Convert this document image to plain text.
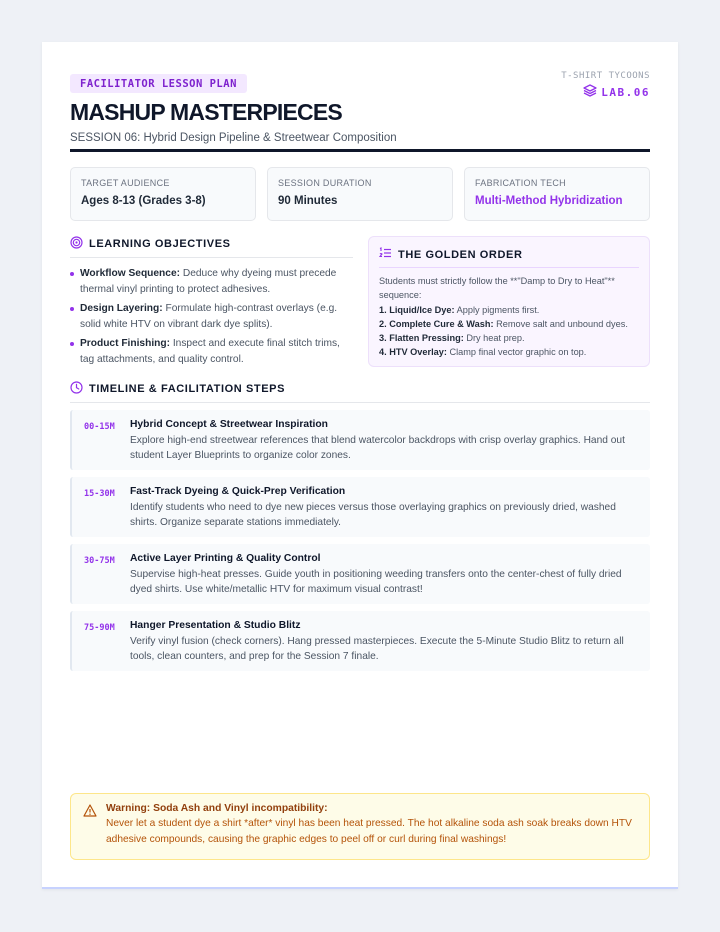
FACILITATOR LESSON PLAN
T-SHIRT TYCOONS
LAB.06
MASHUP MASTERPIECES
SESSION 06: Hybrid Design Pipeline & Streetwear Composition
TARGET AUDIENCE
Ages 8-13 (Grades 3-8)
SESSION DURATION
90 Minutes
FABRICATION TECH
Multi-Method Hybridization
LEARNING OBJECTIVES
Workflow Sequence: Deduce why dyeing must precede thermal vinyl printing to protect adhesives.
Design Layering: Formulate high-contrast overlays (e.g. solid white HTV on vibrant dark dye splits).
Product Finishing: Inspect and execute final stitch trims, tag attachments, and quality control.
THE GOLDEN ORDER
Students must strictly follow the **"Damp to Dry to Heat"** sequence:
1. Liquid/Ice Dye: Apply pigments first.
2. Complete Cure & Wash: Remove salt and unbound dyes.
3. Flatten Pressing: Dry heat prep.
4. HTV Overlay: Clamp final vector graphic on top.
TIMELINE & FACILITATION STEPS
00-15M	Hybrid Concept & Streetwear Inspiration
Explore high-end streetwear references that blend watercolor backdrops with crisp overlay graphics. Hand out student Layer Blueprints to organize color zones.
15-30M	Fast-Track Dyeing & Quick-Prep Verification
Identify students who need to dye new pieces versus those overlaying graphics on previously dried, washed shirts. Organize separate stations immediately.
30-75M	Active Layer Printing & Quality Control
Supervise high-heat presses. Guide youth in positioning weeding transfers onto the center-chest of fully dried dyed shirts. Use white/metallic HTV for maximum visual contrast!
75-90M	Hanger Presentation & Studio Blitz
Verify vinyl fusion (check corners). Hang pressed masterpieces. Execute the 5-Minute Studio Blitz to return all tools, clean counters, and prep for the Session 7 finale.
Warning: Soda Ash and Vinyl incompatibility:
Never let a student dye a shirt *after* vinyl has been heat pressed. The hot alkaline soda ash soak breaks down HTV adhesive compounds, causing the graphic edges to peel off or curl during final washings!
